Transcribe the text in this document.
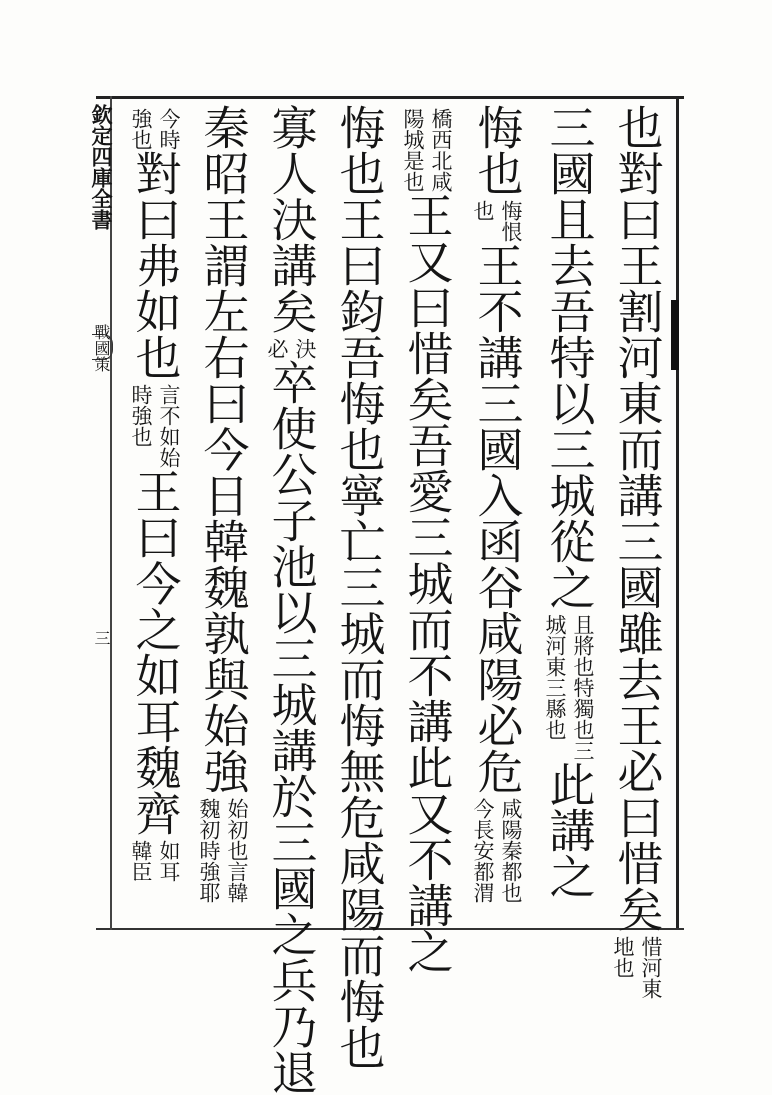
欽定四庫全書
戰國策
三	也對曰王割河東而講三國雖去王必曰惜矣
惜河東
地也
三國且去吾特以三城從之
且將也特獨也三
城河東三縣也
此講之
悔也
悔恨
也
王不講三國入函谷咸陽必危
咸陽秦都也
今長安都渭
橋西北咸
陽城是也
王又曰惜矣吾愛三城而不講此又不講之
悔也王曰鈞吾悔也寧亡三城而悔無危咸陽而悔也
寡人決講矣
決
必
卒使公子池以三城講於三國之兵乃退
秦昭王謂左右曰今日韓魏孰與始強
始初也言韓
魏初時強耶
今時
強也
對曰弗如也
言不如始
時強也
王曰今之如耳魏齊
如耳
韓臣
